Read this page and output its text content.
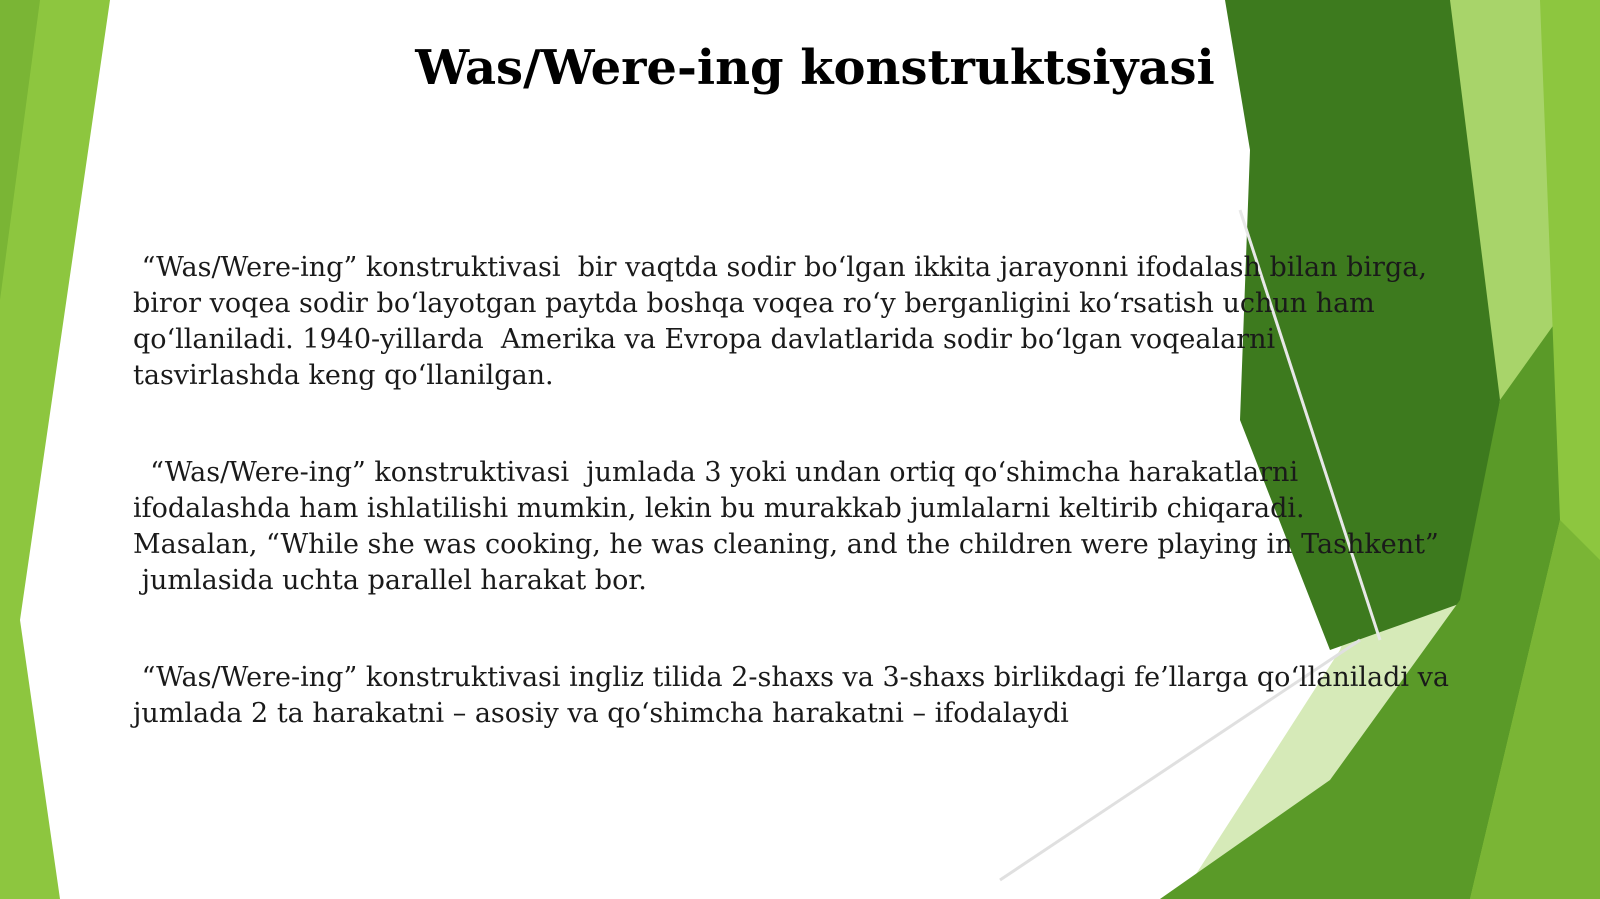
Was/Were-ing konstruktsiyasi

“Was/Were-ing” konstruktivasi  bir vaqtda sodir bo‘lgan ikkita jarayonni ifodalash bilan birga,
biror voqea sodir bo‘layotgan paytda boshqa voqea ro‘y berganligini ko‘rsatish uchun ham
qo‘llaniladi. 1940-yillarda  Amerika va Evropa davlatlarida sodir bo‘lgan voqealarni
tasvirlashda keng qo‘llanilgan.

“Was/Were-ing” konstruktivasi  jumlada 3 yoki undan ortiq qo‘shimcha harakatlarni
ifodalashda ham ishlatilishi mumkin, lekin bu murakkab jumlalarni keltirib chiqaradi.
Masalan, “While she was cooking, he was cleaning, and the children were playing in Tashkent”
jumlasida uchta parallel harakat bor.

“Was/Were-ing” konstruktivasi ingliz tilida 2-shaxs va 3-shaxs birlikdagi fe’llarga qo‘llaniladi va
jumlada 2 ta harakatni – asosiy va qo‘shimcha harakatni – ifodalaydi
